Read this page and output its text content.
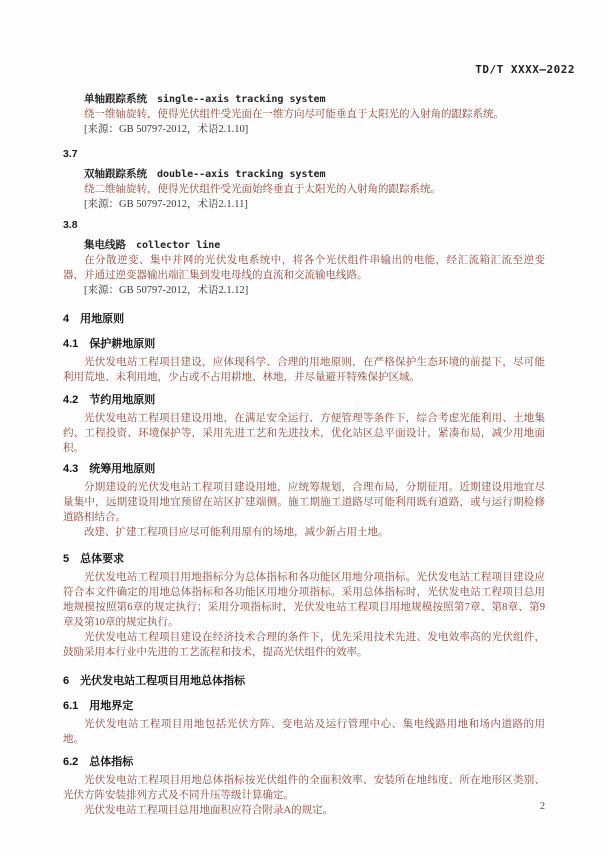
TD/T XXXX—2022

单轴跟踪系统 single--axis tracking system

绕一维轴旋转，使得光伏组件受光面在一维方向尽可能垂直于太阳光的入射角的跟踪系统。

[来源：GB 50797-2012，术语2.1.10]

3.7

双轴跟踪系统 double--axis tracking system

绕二维轴旋转，使得光伏组件受光面始终垂直于太阳光的入射角的跟踪系统。

[来源：GB 50797-2012，术语2.1.11]

3.8

集电线路 collector line

在分散逆变、集中并网的光伏发电系统中，将各个光伏组件串输出的电能，经汇流箱汇流至逆变器，并通过逆变器输出端汇集到发电母线的直流和交流输电线路。

[来源：GB 50797-2012，术语2.1.12]

4 用地原则

4.1 保护耕地原则

光伏发电站工程项目建设，应体现科学、合理的用地原则，在严格保护生态环境的前提下，尽可能利用荒地、未利用地，少占或不占用耕地、林地，并尽量避开特殊保护区域。

4.2 节约用地原则

光伏发电站工程项目建设用地，在满足安全运行、方便管理等条件下，综合考虑光能利用、土地集约、工程投资、环境保护等，采用先进工艺和先进技术，优化站区总平面设计，紧凑布局，减少用地面积。

4.3 统筹用地原则

分期建设的光伏发电站工程项目建设用地，应统筹规划，合理布局，分期征用。近期建设用地宜尽量集中，远期建设用地宜预留在站区扩建端侧。施工期施工道路尽可能利用既有道路，或与运行期检修道路相结合。

改建、扩建工程项目应尽可能利用原有的场地，减少新占用土地。

5 总体要求

光伏发电站工程项目用地指标分为总体指标和各功能区用地分项指标。光伏发电站工程项目建设应符合本文件确定的用地总体指标和各功能区用地分项指标。采用总体指标时，光伏发电站工程项目总用地规模按照第6章的规定执行；采用分项指标时，光伏发电站工程项目用地规模按照第7章、第8章、第9章及第10章的规定执行。

光伏发电站工程项目建设在经济技术合理的条件下，优先采用技术先进、发电效率高的光伏组件，鼓励采用本行业中先进的工艺流程和技术，提高光伏组件的效率。

6 光伏发电站工程项目用地总体指标

6.1 用地界定

光伏发电站工程项目用地包括光伏方阵、变电站及运行管理中心、集电线路用地和场内道路的用地。

6.2 总体指标

光伏发电站工程项目用地总体指标按光伏组件的全面积效率、安装所在地纬度、所在地形区类别、光伏方阵安装排列方式及不同升压等级计算确定。

光伏发电站工程项目总用地面积应符合附录A的规定。	2
